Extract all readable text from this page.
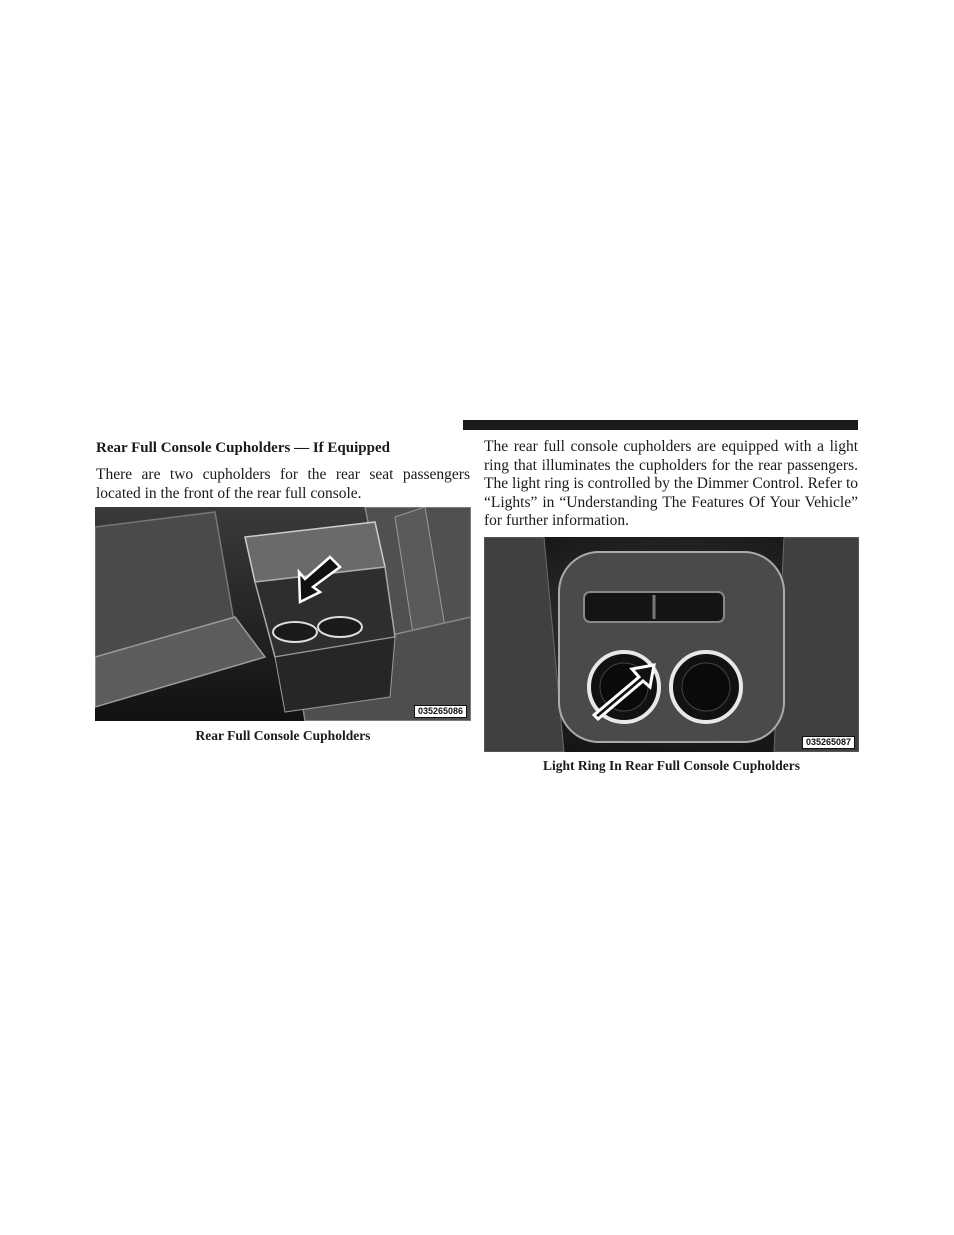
Rear Full Console Cupholders — If Equipped

There are two cupholders for the rear seat passengers located in the front of the rear full console.

The rear full console cupholders are equipped with a light ring that illuminates the cupholders for the rear passengers. The light ring is controlled by the Dimmer Control. Refer to “Lights” in “Understanding The Features Of Your Vehicle” for further information.

035265086
Rear Full Console Cupholders	035265087
Light Ring In Rear Full Console Cupholders
